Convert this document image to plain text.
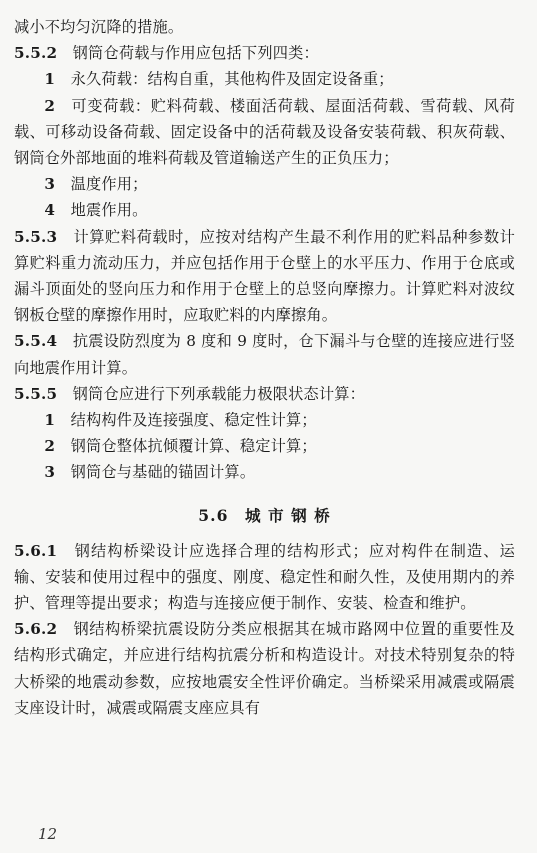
减小不均匀沉降的措施。

5.5.2　 钢筒仓荷载与作用应包括下列四类：

1　 永久荷载：结构自重，其他构件及固定设备重；

2　 可变荷载：贮料荷载、楼面活荷载、屋面活荷载、雪荷载、风荷载、可移动设备荷载、固定设备中的活荷载及设备安装荷载、积灰荷载、钢筒仓外部地面的堆料荷载及管道输送产生的正负压力；

3　 温度作用；

4　 地震作用。

5.5.3　 计算贮料荷载时，应按对结构产生最不利作用的贮料品种参数计算贮料重力流动压力，并应包括作用于仓壁上的水平压力、作用于仓底或漏斗顶面处的竖向压力和作用于仓壁上的总竖向摩擦力。计算贮料对波纹钢板仓壁的摩擦作用时，应取贮料的内摩擦角。

5.5.4　 抗震设防烈度为 8 度和 9 度时，仓下漏斗与仓壁的连接应进行竖向地震作用计算。

5.5.5　 钢筒仓应进行下列承载能力极限状态计算：

1　 结构构件及连接强度、稳定性计算；

2　 钢筒仓整体抗倾覆计算、稳定计算；

3　 钢筒仓与基础的锚固计算。

5.6　城 市 钢 桥

5.6.1　 钢结构桥梁设计应选择合理的结构形式；应对构件在制造、运输、安装和使用过程中的强度、刚度、稳定性和耐久性，及使用期内的养护、管理等提出要求；构造与连接应便于制作、安装、检查和维护。

5.6.2　 钢结构桥梁抗震设防分类应根据其在城市路网中位置的重要性及结构形式确定，并应进行结构抗震分析和构造设计。对技术特别复杂的特大桥梁的地震动参数，应按地震安全性评价确定。当桥梁采用减震或隔震支座设计时，减震或隔震支座应具有

12
